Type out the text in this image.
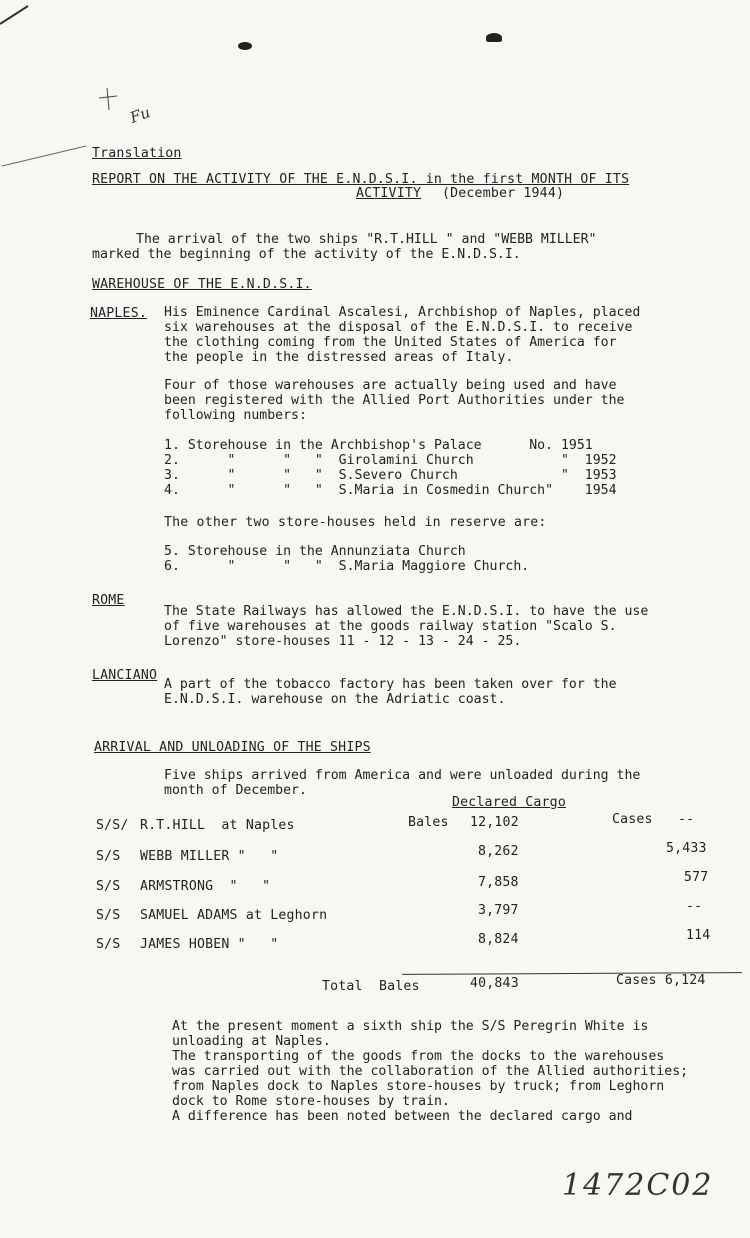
Fu
Translation
REPORT ON THE ACTIVITY OF THE E.N.D.S.I. in the first MONTH OF ITS
ACTIVITY (December 1944)
The arrival of the two ships "R.T.HILL " and "WEBB MILLER"
marked the beginning of the activity of the E.N.D.S.I.
WAREHOUSE OF THE E.N.D.S.I.
NAPLES. His Eminence Cardinal Ascalesi, Archbishop of Naples, placed
six warehouses at the disposal of the E.N.D.S.I. to receive
the clothing coming from the United States of America for
the people in the distressed areas of Italy.
Four of those warehouses are actually being used and have
been registered with the Allied Port Authorities under the
following numbers:
1. Storehouse in the Archbishop's Palace      No. 1951
2.      "      "   "  Girolamini Church           "  1952
3.      "      "   "  S.Severo Church             "  1953
4.      "      "   "  S.Maria in Cosmedin Church"    1954
The other two store-houses held in reserve are:
5. Storehouse in the Annunziata Church
6.      "      "   "  S.Maria Maggiore Church.
ROME
The State Railways has allowed the E.N.D.S.I. to have the use
of five warehouses at the goods railway station "Scalo S.
Lorenzo" store-houses 11 - 12 - 13 - 24 - 25.
LANCIANO
A part of the tobacco factory has been taken over for the
E.N.D.S.I. warehouse on the Adriatic coast.
ARRIVAL AND UNLOADING OF THE SHIPS
Five ships arrived from America and were unloaded during the
month of December.
Declared Cargo
Bales	Cases
S/S/ R.T.HILL  at Naples	12,102	--
S/S WEBB MILLER "   "	8,262	5,433
S/S ARMSTRONG  "   "	7,858	577
S/S SAMUEL ADAMS at Leghorn	3,797	--
S/S JAMES HOBEN "   "	8,824	114
Total  Bales	40,843	Cases 6,124
At the present moment a sixth ship the S/S Peregrin White is
unloading at Naples.
The transporting of the goods from the docks to the warehouses
was carried out with the collaboration of the Allied authorities;
from Naples dock to Naples store-houses by truck; from Leghorn
dock to Rome store-houses by train.
A difference has been noted between the declared cargo and
1472C02
